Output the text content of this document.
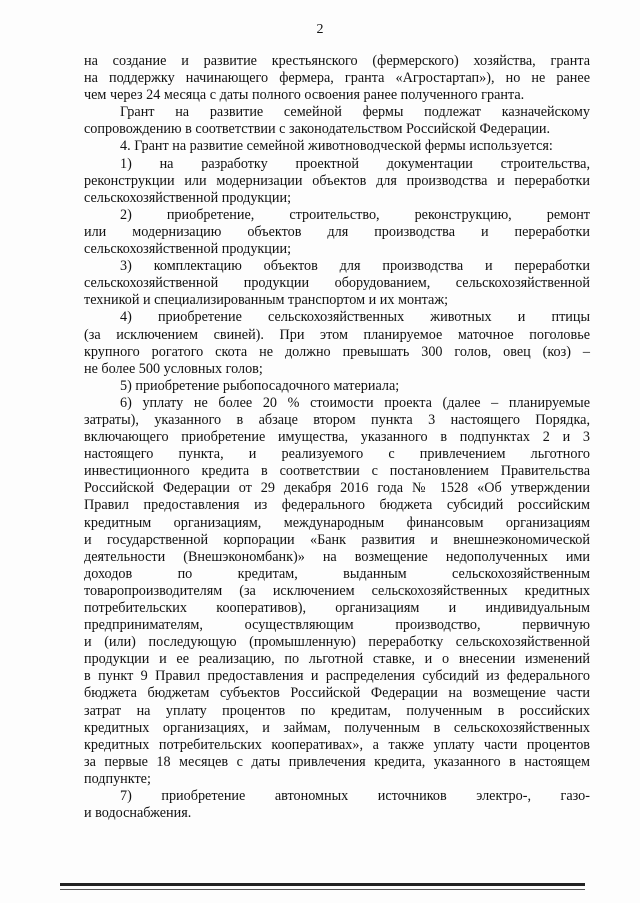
2
на создание и развитие крестьянского (фермерского) хозяйства, гранта
на поддержку начинающего фермера, гранта «Агростартап»), но не ранее
чем через 24 месяца с даты полного освоения ранее полученного гранта.
Грант на развитие семейной фермы подлежат казначейскому
сопровождению в соответствии с законодательством Российской Федерации.
4. Грант на развитие семейной животноводческой фермы используется:
1) на разработку проектной документации строительства,
реконструкции или модернизации объектов для производства и переработки
сельскохозяйственной продукции;
2) приобретение, строительство, реконструкцию, ремонт
или модернизацию объектов для производства и переработки
сельскохозяйственной продукции;
3) комплектацию объектов для производства и переработки
сельскохозяйственной продукции оборудованием, сельскохозяйственной
техникой и специализированным транспортом и их монтаж;
4) приобретение сельскохозяйственных животных и птицы
(за исключением свиней). При этом планируемое маточное поголовье
крупного рогатого скота не должно превышать 300 голов, овец (коз) –
не более 500 условных голов;
5) приобретение рыбопосадочного материала;
6) уплату не более 20 % стоимости проекта (далее – планируемые
затраты), указанного в абзаце втором пункта 3 настоящего Порядка,
включающего приобретение имущества, указанного в подпунктах 2 и 3
настоящего пункта, и реализуемого с привлечением льготного
инвестиционного кредита в соответствии с постановлением Правительства
Российской Федерации от 29 декабря 2016 года № 1528 «Об утверждении
Правил предоставления из федерального бюджета субсидий российским
кредитным организациям, международным финансовым организациям
и государственной корпорации «Банк развития и внешнеэкономической
деятельности (Внешэкономбанк)» на возмещение недополученных ими
доходов по кредитам, выданным сельскохозяйственным
товаропроизводителям (за исключением сельскохозяйственных кредитных
потребительских кооперативов), организациям и индивидуальным
предпринимателям, осуществляющим производство, первичную
и (или) последующую (промышленную) переработку сельскохозяйственной
продукции и ее реализацию, по льготной ставке, и о внесении изменений
в пункт 9 Правил предоставления и распределения субсидий из федерального
бюджета бюджетам субъектов Российской Федерации на возмещение части
затрат на уплату процентов по кредитам, полученным в российских
кредитных организациях, и займам, полученным в сельскохозяйственных
кредитных потребительских кооперативах», а также уплату части процентов
за первые 18 месяцев с даты привлечения кредита, указанного в настоящем
подпункте;
7) приобретение автономных источников электро-, газо-
и водоснабжения.
